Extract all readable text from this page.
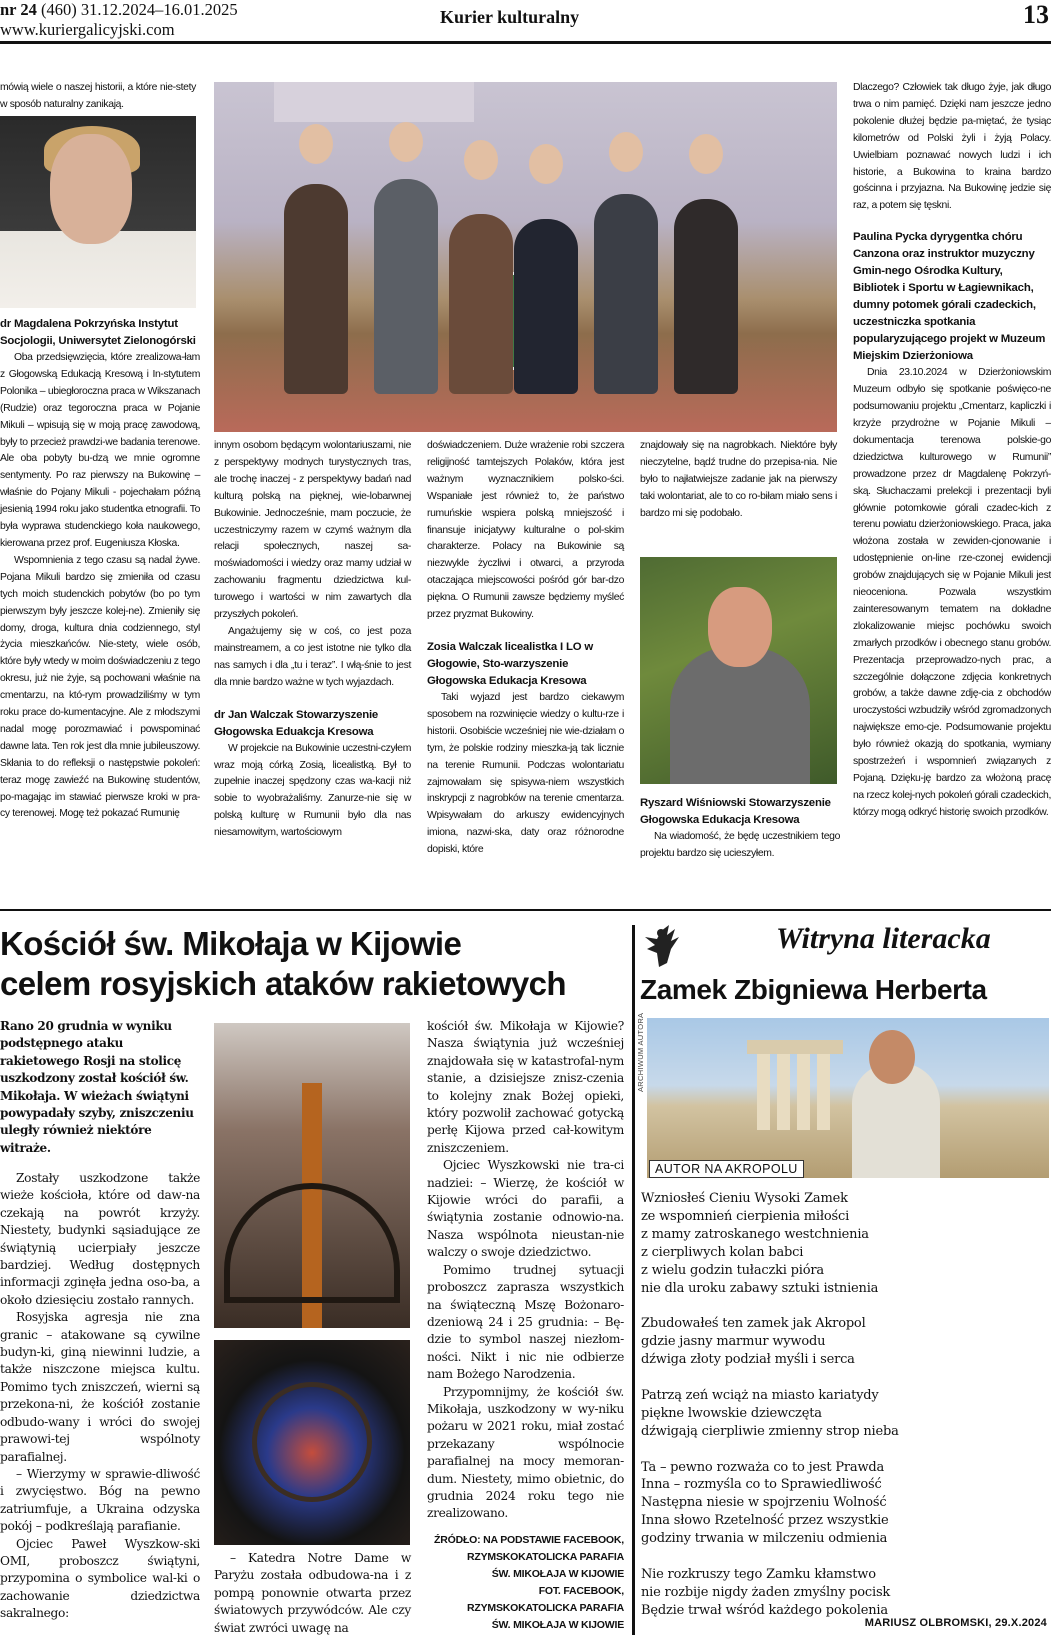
nr 24 (460) 31.12.2024–16.01.2025
www.kuriergalicyjski.com
Kurier kulturalny	13

mówią wiele o naszej historii, a które nie-stety w sposób naturalny zanikają.

dr Magdalena Pokrzyńska Instytut Socjologii, Uniwersytet Zielonogórski

Oba przedsięwzięcia, które zrealizowa-łam z Głogowską Edukacją Kresową i In-stytutem Polonika – ubiegłoroczna praca w Wikszanach (Rudzie) oraz tegoroczna praca w Pojanie Mikuli – wpisują się w moją pracę zawodową, były to przecież prawdzi-we badania terenowe. Ale oba pobyty bu-dzą we mnie ogromne sentymenty. Po raz pierwszy na Bukowinę – właśnie do Pojany Mikuli - pojechałam późną jesienią 1994 roku jako studentka etnografii. To była wyprawa studenckiego koła naukowego, kierowana przez prof. Eugeniusza Kłoska.

Wspomnienia z tego czasu są nadal żywe. Pojana Mikuli bardzo się zmieniła od czasu tych moich studenckich pobytów (bo po tym pierwszym były jeszcze kolej-ne). Zmieniły się domy, droga, kultura dnia codziennego, styl życia mieszkańców. Nie-stety, wiele osób, które były wtedy w moim doświadczeniu z tego okresu, już nie żyje, są pochowani właśnie na cmentarzu, na któ-rym prowadziliśmy w tym roku prace do-kumentacyjne. Ale z młodszymi nadal mogę porozmawiać i powspominać dawne lata. Ten rok jest dla mnie jubileuszowy. Skłania to do refleksji o następstwie pokoleń: teraz mogę zawieźć na Bukowinę studentów, po-magając im stawiać pierwsze kroki w pra-cy terenowej. Mogę też pokazać Rumunię

innym osobom będącym wolontariuszami, nie z perspektywy modnych turystycznych tras, ale trochę inaczej - z perspektywy badań nad kulturą polską na pięknej, wie-lobarwnej Bukowinie. Jednocześnie, mam poczucie, że uczestniczymy razem w czymś ważnym dla relacji społecznych, naszej sa-moświadomości i wiedzy oraz mamy udział w zachowaniu fragmentu dziedzictwa kul-turowego i wartości w nim zawartych dla przyszłych pokoleń.

Angażujemy się w coś, co jest poza mainstreamem, a co jest istotne nie tylko dla nas samych i dla „tu i teraz”. I włą-śnie to jest dla mnie bardzo ważne w tych wyjazdach.

dr Jan Walczak Stowarzyszenie Głogowska Eduakcja Kresowa

W projekcie na Bukowinie uczestni-czyłem wraz moją córką Zosią, licealistką. Był to zupełnie inaczej spędzony czas wa-kacji niż sobie to wyobrażaliśmy. Zanurze-nie się w polską kulturę w Rumunii było dla nas niesamowitym, wartościowym

doświadczeniem. Duże wrażenie robi szczera religijność tamtejszych Polaków, która jest ważnym wyznacznikiem polsko-ści. Wspaniałe jest również to, że państwo rumuńskie wspiera polską mniejszość i finansuje inicjatywy kulturalne o pol-skim charakterze. Polacy na Bukowinie są niezwykle życzliwi i otwarci, a przyroda otaczająca miejscowości pośród gór bar-dzo piękna. O Rumunii zawsze będziemy myśleć przez pryzmat Bukowiny.

Zosia Walczak licealistka I LO w Głogowie, Sto-warzyszenie Głogowska Edukacja Kresowa

Taki wyjazd jest bardzo ciekawym sposobem na rozwinięcie wiedzy o kultu-rze i historii. Osobiście wcześniej nie wie-działam o tym, że polskie rodziny mieszka-ją tak licznie na terenie Rumunii. Podczas wolontariatu zajmowałam się spisywa-niem wszystkich inskrypcji z nagrobków na terenie cmentarza. Wpisywałam do arkuszy ewidencyjnych imiona, nazwi-ska, daty oraz różnorodne dopiski, które

znajdowały się na nagrobkach. Niektóre były nieczytelne, bądź trudne do przepisa-nia. Nie było to najłatwiejsze zadanie jak na pierwszy taki wolontariat, ale to co ro-biłam miało sens i bardzo mi się podobało.

Ryszard Wiśniowski Stowarzyszenie Głogowska Edukacja Kresowa

Na wiadomość, że będę uczestnikiem tego projektu bardzo się ucieszyłem.

Dlaczego? Człowiek tak długo żyje, jak długo trwa o nim pamięć. Dzięki nam jeszcze jedno pokolenie dłużej będzie pa-miętać, że tysiąc kilometrów od Polski żyli i żyją Polacy. Uwielbiam poznawać nowych ludzi i ich historie, a Bukowina to kraina bardzo gościnna i przyjazna. Na Bukowinę jedzie się raz, a potem się tęskni.

Paulina Pycka dyrygentka chóru Canzona oraz instruktor muzyczny Gmin-nego Ośrodka Kultury, Bibliotek i Sportu w Łagiewnikach, dumny potomek górali czadeckich, uczestniczka spotkania popularyzującego projekt w Muzeum Miejskim Dzierżoniowa

Dnia 23.10.2024 w Dzierżoniowskim Muzeum odbyło się spotkanie poświęco-ne podsumowaniu projektu „Cmentarz, kapliczki i krzyże przydrożne w Pojanie Mikuli – dokumentacja terenowa polskie-go dziedzictwa kulturowego w Rumunii” prowadzone przez dr Magdalenę Pokrzyń-ską. Słuchaczami prelekcji i prezentacji byli głównie potomkowie górali czadec-kich z terenu powiatu dzierżoniowskiego. Praca, jaka włożona została w zewiden-cjonowanie i udostępnienie on-line rze-czonej ewidencji grobów znajdujących się w Pojanie Mikuli jest nieoceniona. Pozwala wszystkim zainteresowanym tematem na dokładne zlokalizowanie miejsc pochówku swoich zmarłych przodków i obecnego stanu grobów. Prezentacja przeprowadzo-nych prac, a szczególnie dołączone zdjęcia konkretnych grobów, a także dawne zdję-cia z obchodów uroczystości wzbudziły wśród zgromadzonych największe emo-cje. Podsumowanie projektu było również okazją do spotkania, wymiany spostrzeżeń i wspomnień związanych z Pojaną. Dzięku-ję bardzo za włożoną pracę na rzecz kolej-nych pokoleń górali czadeckich, którzy mogą odkryć historię swoich przodków.

Kościół św. Mikołaja w Kijowie
celem rosyjskich ataków rakietowych
Rano 20 grudnia w wyniku podstępnego ataku rakietowego Rosji na stolicę uszkodzony został kościół św. Mikołaja. W wieżach świątyni powypadały szyby, zniszczeniu uległy również niektóre witraże.

Zostały uszkodzone także wieże kościoła, które od daw-na czekają na powrót krzyży. Niestety, budynki sąsiadujące ze świątynią ucierpiały jeszcze bardziej. Według dostępnych informacji zginęła jedna oso-ba, a około dziesięciu zostało rannych.

Rosyjska agresja nie zna granic – atakowane są cywilne budyn-ki, giną niewinni ludzie, a także niszczone miejsca kultu. Pomimo tych zniszczeń, wierni są przekona-ni, że kościół zostanie odbudo-wany i wróci do swojej prawowi-tej wspólnoty parafialnej.

– Wierzymy w sprawie-dliwość i zwycięstwo. Bóg na pewno zatriumfuje, a Ukraina odzyska pokój – podkreślają parafianie.

Ojciec Paweł Wyszkow-ski OMI, proboszcz świątyni, przypomina o symbolice wal-ki o zachowanie dziedzictwa sakralnego:

– Katedra Notre Dame w Paryżu została odbudowa-na i z pompą ponownie otwarta przez światowych przywódców. Ale czy świat zwróci uwagę na

kościół św. Mikołaja w Kijowie? Nasza świątynia już wcześniej znajdowała się w katastrofal-nym stanie, a dzisiejsze znisz-czenia to kolejny znak Bożej opieki, który pozwolił zachować gotycką perłę Kijowa przed cał-kowitym zniszczeniem.

Ojciec Wyszkowski nie tra-ci nadziei: – Wierzę, że kościół w Kijowie wróci do parafii, a świątynia zostanie odnowio-na. Nasza wspólnota nieustan-nie walczy o swoje dziedzictwo.

Pomimo trudnej sytuacji proboszcz zaprasza wszystkich na świąteczną Mszę Bożonaro-dzeniową 24 i 25 grudnia: – Bę-dzie to symbol naszej niezłom-ności. Nikt i nic nie odbierze nam Bożego Narodzenia.

Przypomnijmy, że kościół św. Mikołaja, uszkodzony w wy-niku pożaru w 2021 roku, miał zostać przekazany wspólnocie parafialnej na mocy memoran-dum. Niestety, mimo obietnic, do grudnia 2024 roku tego nie zrealizowano.

ŹRÓDŁO: NA PODSTAWIE FACEBOOK,
RZYMSKOKATOLICKA PARAFIA
ŚW. MIKOŁAJA W KIJOWIE
FOT. FACEBOOK,
RZYMSKOKATOLICKA PARAFIA
ŚW. MIKOŁAJA W KIJOWIE
Witryna literacka
Zamek Zbigniewa Herberta
AUTOR NA AKROPOLU
ARCHIWUM AUTORA
Wzniosłeś Cieniu Wysoki Zamek
ze wspomnień cierpienia miłości
z mamy zatroskanego westchnienia
z cierpliwych kolan babci
z wielu godzin tułaczki pióra
nie dla uroku zabawy sztuki istnienia
Zbudowałeś ten zamek jak Akropol
gdzie jasny marmur wywodu
dźwiga złoty podział myśli i serca
Patrzą zeń wciąż na miasto kariatydy
piękne lwowskie dziewczęta
dźwigają cierpliwie zmienny strop nieba
Ta – pewno rozważa co to jest Prawda
Inna – rozmyśla co to Sprawiedliwość
Następna niesie w spojrzeniu Wolność
Inna słowo Rzetelność przez wszystkie
godziny trwania w milczeniu odmienia
Nie rozkruszy tego Zamku kłamstwo
nie rozbije nigdy żaden zmyślny pocisk
Będzie trwał wśród każdego pokolenia
MARIUSZ OLBROMSKI, 29.X.2024
